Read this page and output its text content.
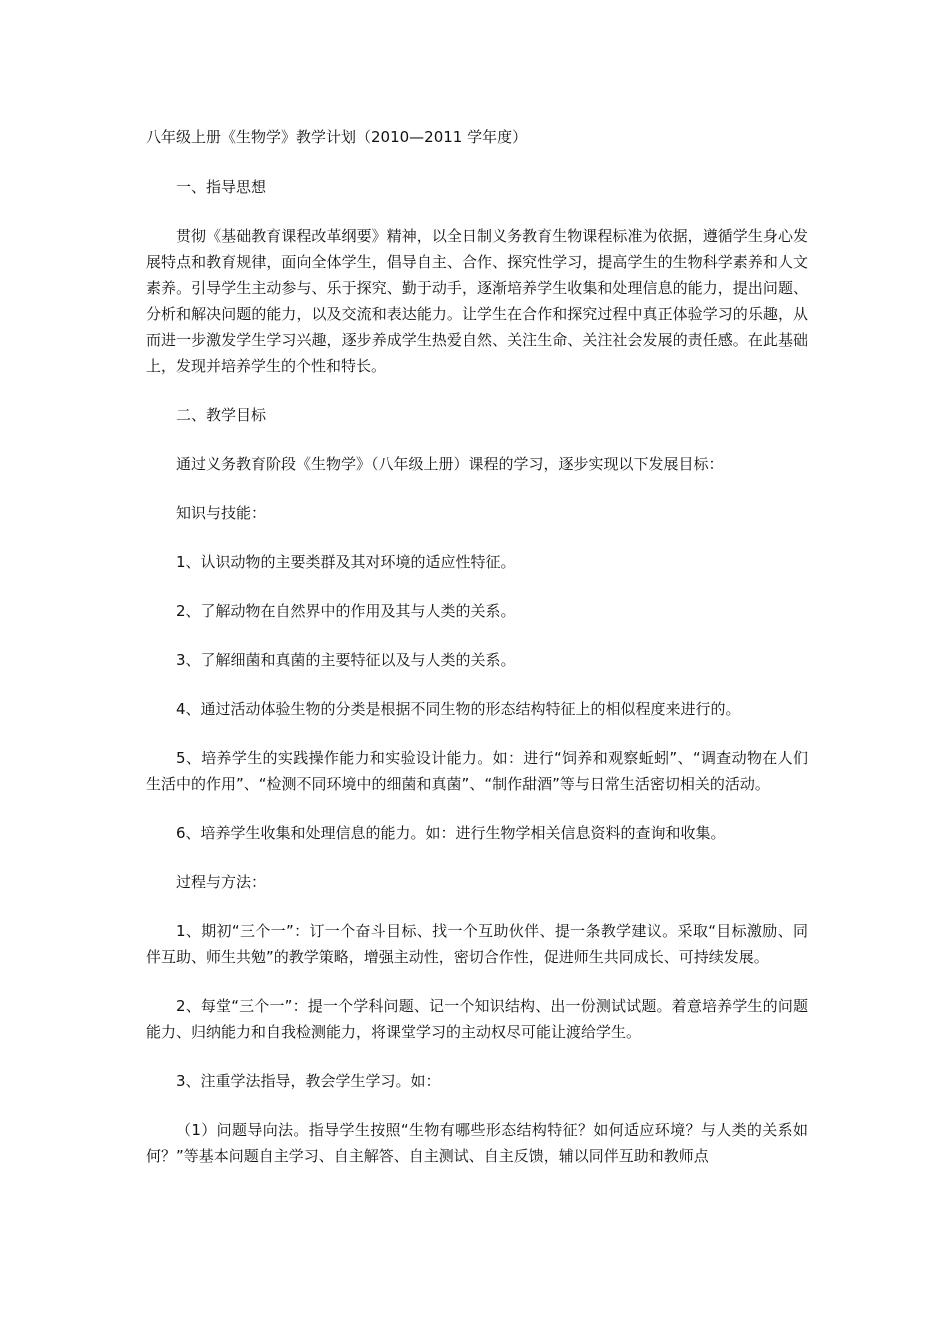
八年级上册《生物学》教学计划（2010—2011 学年度）

一、指导思想

贯彻《基础教育课程改革纲要》精神，以全日制义务教育生物课程标准为依据，遵循学生身心发展特点和教育规律，面向全体学生，倡导自主、合作、探究性学习，提高学生的生物科学素养和人文素养。引导学生主动参与、乐于探究、勤于动手，逐渐培养学生收集和处理信息的能力，提出问题、分析和解决问题的能力，以及交流和表达能力。让学生在合作和探究过程中真正体验学习的乐趣，从而进一步激发学生学习兴趣，逐步养成学生热爱自然、关注生命、关注社会发展的责任感。在此基础上，发现并培养学生的个性和特长。

二、教学目标

通过义务教育阶段《生物学》（八年级上册）课程的学习，逐步实现以下发展目标：

知识与技能：

1、认识动物的主要类群及其对环境的适应性特征。

2、了解动物在自然界中的作用及其与人类的关系。

3、了解细菌和真菌的主要特征以及与人类的关系。

4、通过活动体验生物的分类是根据不同生物的形态结构特征上的相似程度来进行的。

5、培养学生的实践操作能力和实验设计能力。如：进行“饲养和观察蚯蚓”、“调查动物在人们生活中的作用”、“检测不同环境中的细菌和真菌”、“制作甜酒”等与日常生活密切相关的活动。

6、培养学生收集和处理信息的能力。如：进行生物学相关信息资料的查询和收集。

过程与方法：

1、期初“三个一”：订一个奋斗目标、找一个互助伙伴、提一条教学建议。采取“目标激励、同伴互助、师生共勉”的教学策略，增强主动性，密切合作性，促进师生共同成长、可持续发展。

2、每堂“三个一”：提一个学科问题、记一个知识结构、出一份测试试题。着意培养学生的问题能力、归纳能力和自我检测能力，将课堂学习的主动权尽可能让渡给学生。

3、注重学法指导，教会学生学习。如：

（1）问题导向法。指导学生按照“生物有哪些形态结构特征？如何适应环境？与人类的关系如何？”等基本问题自主学习、自主解答、自主测试、自主反馈，辅以同伴互助和教师点
